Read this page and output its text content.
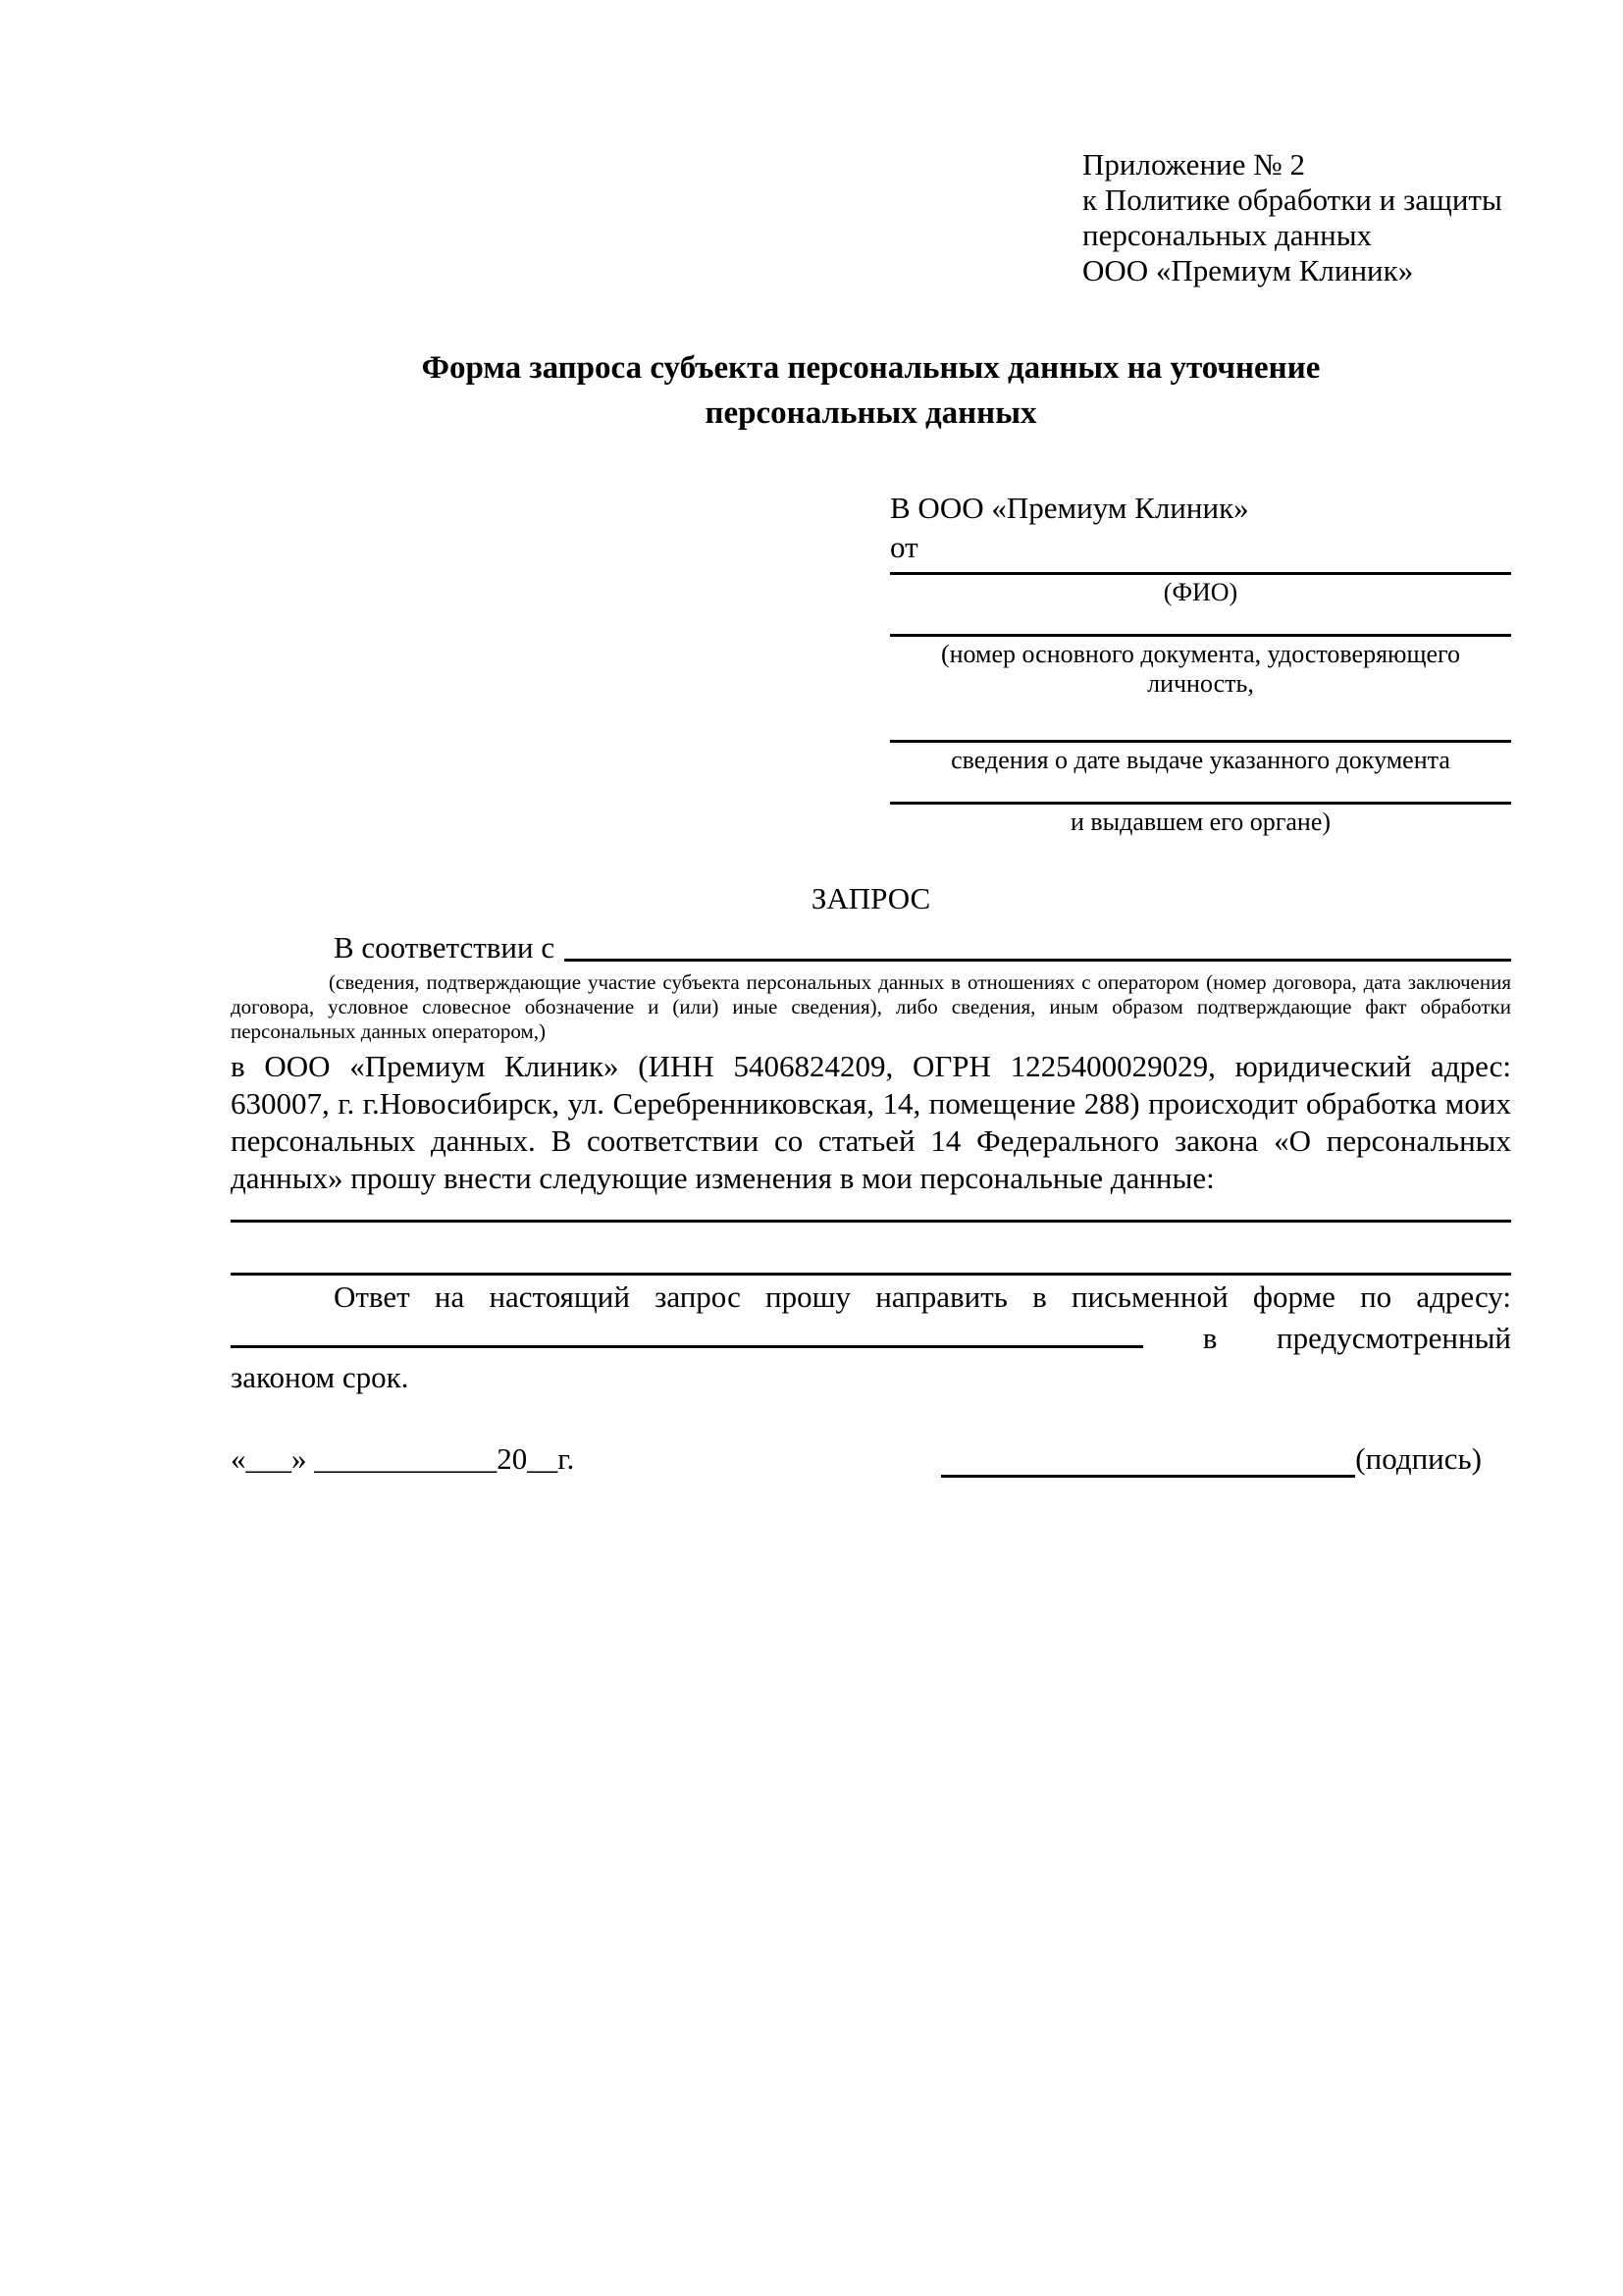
Приложение № 2
к Политике обработки и защиты
персональных данных
ООО «Премиум Клиник»
Форма запроса субъекта персональных данных на уточнение
персональных данных
В ООО «Премиум Клиник»
от
(ФИО)
(номер основного документа, удостоверяющего личность,
сведения о дате выдаче указанного документа
и выдавшем его органе)
ЗАПРОС
В соответствии с
(сведения, подтверждающие участие субъекта персональных данных в отношениях с оператором (номер договора, дата заключения договора, условное словесное обозначение и (или) иные сведения), либо сведения, иным образом подтверждающие факт обработки персональных данных оператором,)
в ООО «Премиум Клиник» (ИНН 5406824209, ОГРН 1225400029029, юридический адрес: 630007, г. г.Новосибирск, ул. Серебренниковская, 14, помещение 288) происходит обработка моих персональных данных. В соответствии со статьей 14 Федерального закона «О персональных данных» прошу внести следующие изменения в мои персональные данные:
Ответ на настоящий запрос прошу направить в письменной форме по адресу:  в предусмотренный законом срок.
«___» ____________20__г.	(подпись)
